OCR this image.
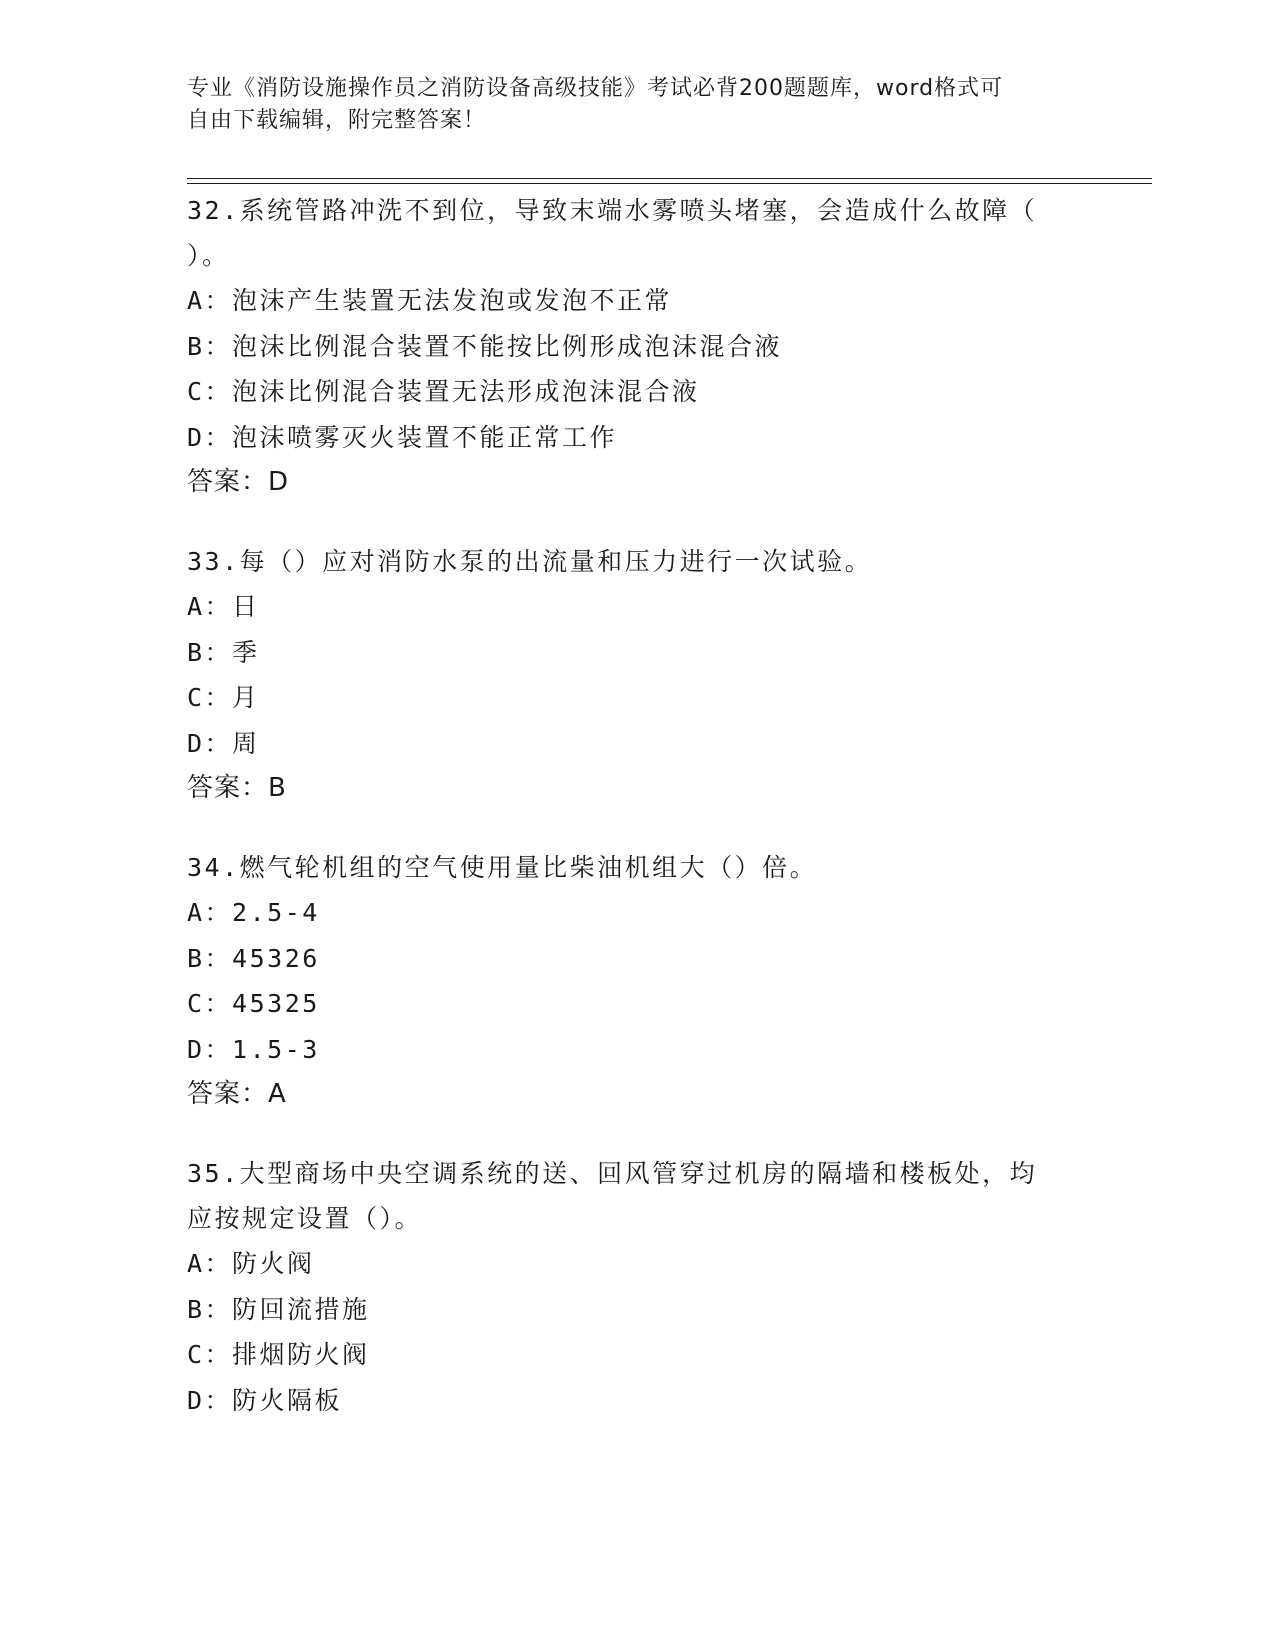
专业《消防设施操作员之消防设备高级技能》考试必背200题题库，word格式可
自由下载编辑，附完整答案！

32.系统管路冲洗不到位，导致末端水雾喷头堵塞，会造成什么故障（
）。

A：泡沫产生装置无法发泡或发泡不正常

B：泡沫比例混合装置不能按比例形成泡沫混合液

C：泡沫比例混合装置无法形成泡沫混合液

D：泡沫喷雾灭火装置不能正常工作

答案：D

33.每（）应对消防水泵的出流量和压力进行一次试验。

A：日

B：季

C：月

D：周

答案：B

34.燃气轮机组的空气使用量比柴油机组大（）倍。

A：2.5-4

B：45326

C：45325

D：1.5-3

答案：A

35.大型商场中央空调系统的送、回风管穿过机房的隔墙和楼板处，均
应按规定设置（）。

A：防火阀

B：防回流措施

C：排烟防火阀

D：防火隔板
